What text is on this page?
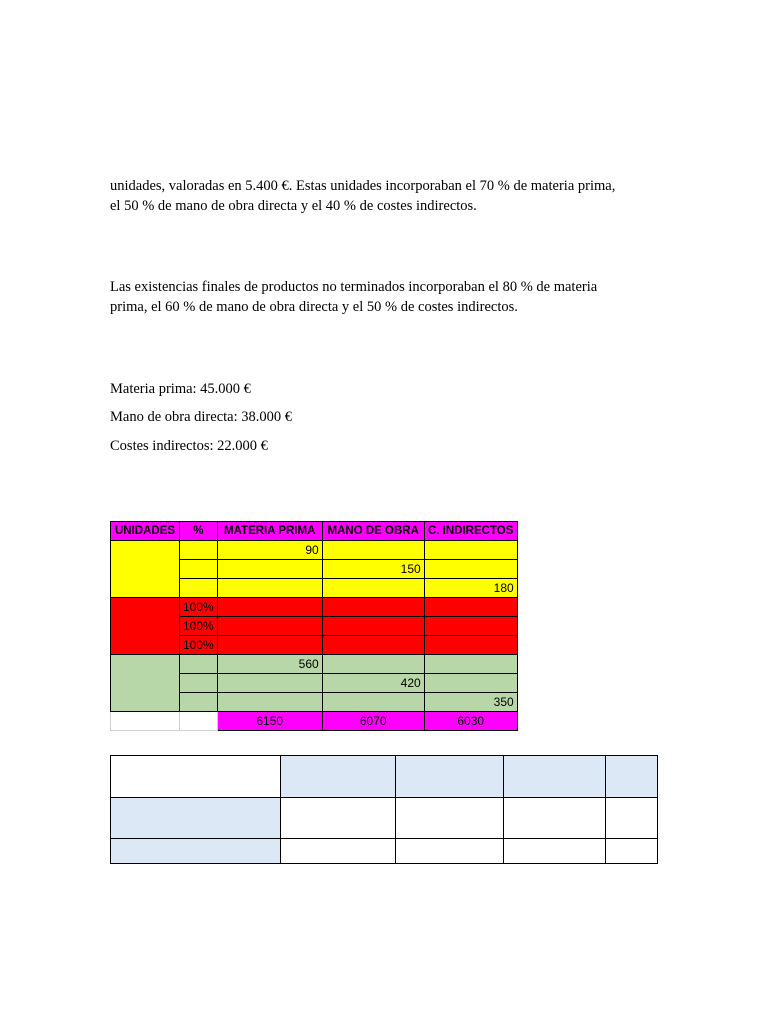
unidades, valoradas en 5.400 €. Estas unidades incorporaban el 70 % de materia prima,
el 50 % de mano de obra directa y el 40 % de costes indirectos.
Las existencias finales de productos no terminados incorporaban el 80 % de materia
prima, el 60 % de mano de obra directa y el 50 % de costes indirectos.
Materia prima: 45.000 €
Mano de obra directa: 38.000 €
Costes indirectos: 22.000 €
UNIDADES	%	MATERIA PRIMA	MANO DE OBRA	C. INDIRECTOS
		90		
			150	
				180
	100%			
	100%			
	100%			
		560		
			420	
				350
		6150	6070	6030
